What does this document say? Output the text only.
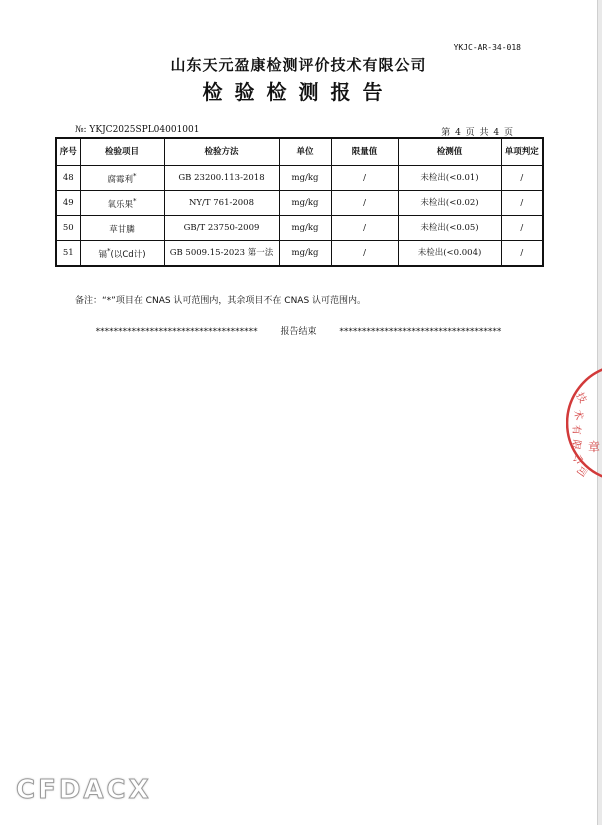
YKJC-AR-34-018
山东天元盈康检测评价技术有限公司
检验检测报告
№: YKJC2025SPL04001001	第 4 页 共 4 页
序号	检验项目	检验方法	单位	限量值	检测值	单项判定
48	腐霉利*	GB 23200.113-2018	mg/kg	/	未检出(<0.01)	/
49	氧乐果*	NY/T 761-2008	mg/kg	/	未检出(<0.02)	/
50	草甘膦	GB/T 23750-2009	mg/kg	/	未检出(<0.05)	/
51	镉*(以Cd计)	GB 5009.15-2023 第一法	mg/kg	/	未检出(<0.004)	/
备注：“*”项目在 CNAS 认可范围内，其余项目不在 CNAS 认可范围内。
************************************	报告结束	************************************
技
术
有
限
公
司
章
CFDACX
